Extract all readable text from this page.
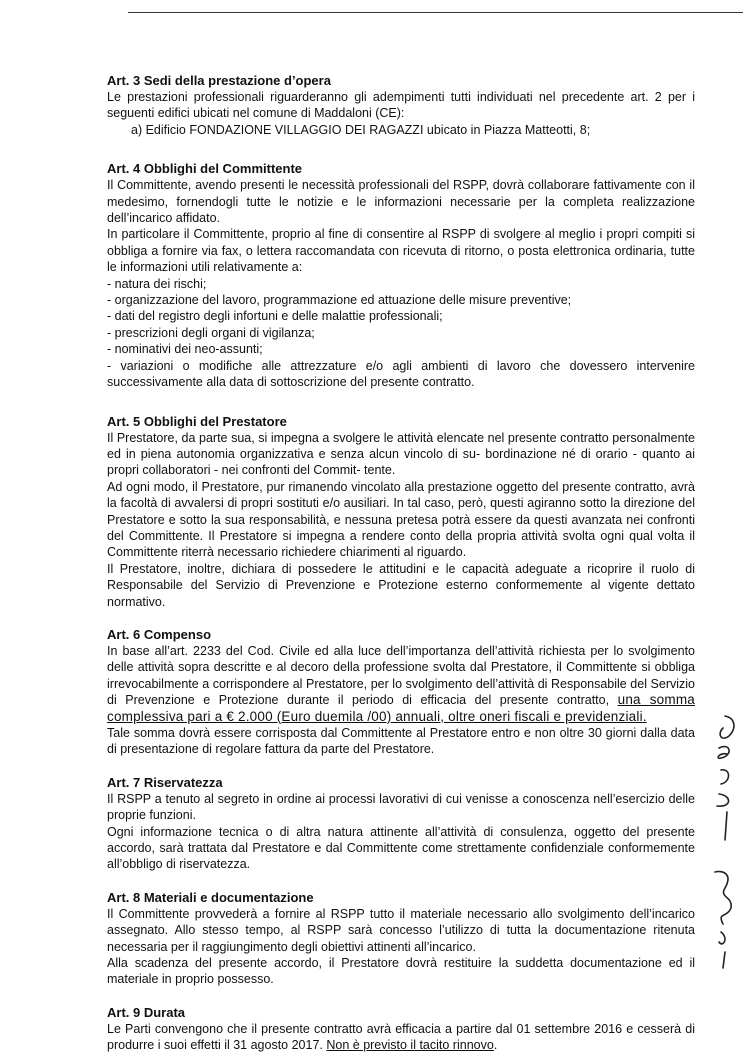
Art. 3 Sedi della prestazione d’opera

Le prestazioni professionali riguarderanno gli adempimenti tutti individuati nel precedente art. 2 per i seguenti edifici ubicati nel comune di Maddaloni (CE):

a) Edificio FONDAZIONE VILLAGGIO DEI RAGAZZI ubicato in Piazza Matteotti, 8;
Art. 4 Obblighi del Committente

Il Committente, avendo presenti le necessità professionali del RSPP, dovrà collaborare fattivamente con il medesimo, fornendogli tutte le notizie e le informazioni necessarie per la completa realizzazione dell’incarico affidato.

In particolare il Committente, proprio al fine di consentire al RSPP di svolgere al meglio i propri compiti si obbliga a fornire via fax, o lettera raccomandata con ricevuta di ritorno, o posta elettronica ordinaria, tutte le informazioni utili relativamente a:

- natura dei rischi;
- organizzazione del lavoro, programmazione ed attuazione delle misure preventive;
- dati del registro degli infortuni e delle malattie professionali;
- prescrizioni degli organi di vigilanza;
- nominativi dei neo-assunti;

- variazioni o modifiche alle attrezzature e/o agli ambienti di lavoro che dovessero intervenire successivamente alla data di sottoscrizione del presente contratto.

Art. 5 Obblighi del Prestatore

Il Prestatore, da parte sua, si impegna a svolgere le attività elencate nel presente contratto personalmente ed in piena autonomia organizzativa e senza alcun vincolo di su- bordinazione né di orario - quanto ai propri collaboratori - nei confronti del Commit- tente.

Ad ogni modo, il Prestatore, pur rimanendo vincolato alla prestazione oggetto del presente contratto, avrà la facoltà di avvalersi di propri sostituti e/o ausiliari. In tal caso, però, questi agiranno sotto la direzione del Prestatore e sotto la sua responsabilità, e nessuna pretesa potrà essere da questi avanzata nei confronti del Committente. Il Prestatore si impegna a rendere conto della propria attività svolta ogni qual volta il Committente riterrà necessario richiedere chiarimenti al riguardo.

Il Prestatore, inoltre, dichiara di possedere le attitudini e le capacità adeguate a ricoprire il ruolo di Responsabile del Servizio di Prevenzione e Protezione esterno conformemente al vigente dettato normativo.

Art. 6 Compenso

In base all’art. 2233 del Cod. Civile ed alla luce dell’importanza dell’attività richiesta per lo svolgimento delle attività sopra descritte e al decoro della professione svolta dal Prestatore, il Committente si obbliga irrevocabilmente a corrispondere al Prestatore, per lo svolgimento dell’attività di Responsabile del Servizio di Prevenzione e Protezione durante il periodo di efficacia del presente contratto, una somma complessiva pari a € 2.000 (Euro duemila /00) annuali, oltre oneri fiscali e previdenziali.

Tale somma dovrà essere corrisposta dal Committente al Prestatore entro e non oltre 30 giorni dalla data di presentazione di regolare fattura da parte del Prestatore.

Art. 7 Riservatezza

Il RSPP a tenuto al segreto in ordine ai processi lavorativi di cui venisse a conoscenza nell’esercizio delle proprie funzioni.

Ogni informazione tecnica o di altra natura attinente all’attività di consulenza, oggetto del presente accordo, sarà trattata dal Prestatore e dal Committente come strettamente confidenziale conformemente all’obbligo di riservatezza.

Art. 8 Materiali e documentazione

Il Committente provvederà a fornire al RSPP tutto il materiale necessario allo svolgimento dell’incarico assegnato. Allo stesso tempo, al RSPP sarà concesso l’utilizzo di tutta la documentazione ritenuta necessaria per il raggiungimento degli obiettivi attinenti all’incarico.

Alla scadenza del presente accordo, il Prestatore dovrà restituire la suddetta documentazione ed il materiale in proprio possesso.

Art. 9 Durata

Le Parti convengono che il presente contratto avrà efficacia a partire dal 01 settembre 2016 e cesserà di produrre i suoi effetti il 31 agosto 2017. Non è previsto il tacito rinnovo.
